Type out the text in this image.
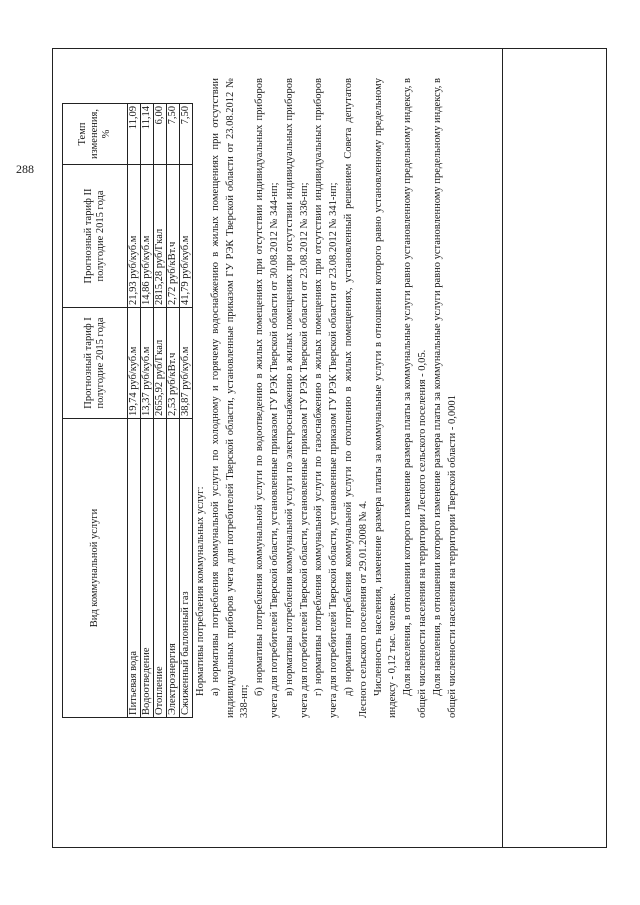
288
Вид коммунальной услуги	Прогнозный тариф I полугодие 2015 года	Прогнозный тариф II полугодие 2015 года	Темп изменения, %
Питьевая вода	19,74 руб/куб.м	21,93 руб/куб.м	11,09
Водоотведение	13,37 руб/куб.м	14,86 руб/куб.м	11,14
Отопление	2655,92 руб/Гкал	2815,28 руб/Гкал	6,00
Электроэнергия	2,53 руб/кВт.ч	2,72 руб/кВт.ч	7,50
Сжиженный баллонный газ	38,87 руб/куб.м	41,79 руб/куб.м	7,50

Нормативы потребления коммунальных услуг: а) нормативы потребления коммунальной услуги по холодному и горячему водоснабжению в жилых помещениях при отсутствии индивидуальных приборов учета для потребителей Тверской области, установленные приказом ГУ РЭК Тверской области от 23.08.2012 № 338-нп;

б) нормативы потребления коммунальной услуги по водоотведению в жилых помещениях при отсутствии индивидуальных приборов учета для потребителей Тверской области, установленные приказом ГУ РЭК Тверской области от 30.08.2012 № 344-нп; в) нормативы потребления коммунальной услуги по электроснабжению в жилых помещениях при отсутствии индивидуальных приборов учета для потребителей Тверской области, установленные приказом ГУ РЭК Тверской области от 23.08.2012 № 336-нп; г) нормативы потребления коммунальной услуги по газоснабжению в жилых помещениях при отсутствии индивидуальных приборов учета для потребителей Тверской области, установленные приказом ГУ РЭК Тверской области от 23.08.2012 № 341-нп; д) нормативы потребления коммунальной услуги по отоплению в жилых помещениях, установленный решением Совета депутатов Лесного сельского поселения от 29.01.2008 № 4. Численность населения, изменение размера платы за коммунальные услуги в отношении которого равно установленному предельному индексу - 0,12 тыс. человек. Доля населения, в отношении которого изменение размера платы за коммунальные услуги равно установленному предельному индексу, в общей численности населения на территории Лесного сельского поселения - 0,05. Доля населения, в отношении которого изменение размера платы за коммунальные услуги равно установленному предельному индексу, в общей численности населения на территории Тверской области - 0,0001
